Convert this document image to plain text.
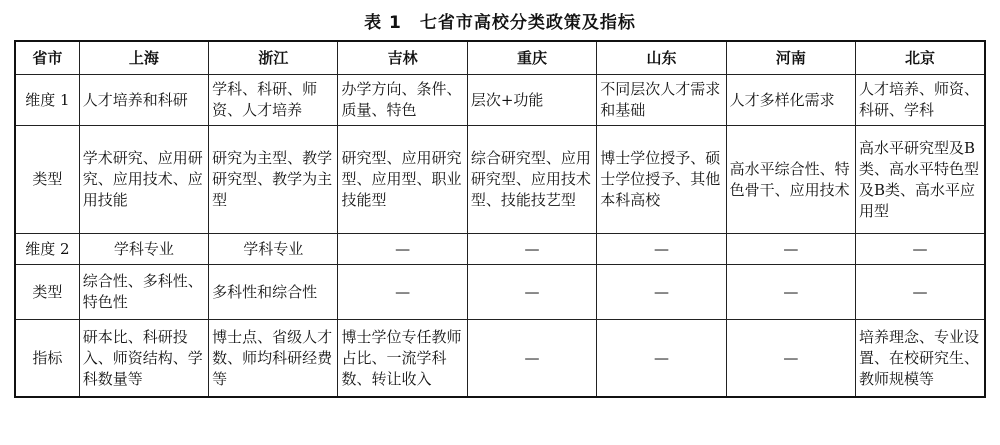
表 1 七省市高校分类政策及指标
省市	上海	浙江	吉林	重庆	山东	河南	北京
维度 1	人才培养和科研	学科、科研、师资、人才培养	办学方向、条件、质量、特色	层次+功能	不同层次人才需求和基础	人才多样化需求	人才培养、师资、科研、学科
类型	学术研究、应用研究、应用技术、应用技能	研究为主型、教学研究型、教学为主型	研究型、应用研究型、应用型、职业技能型	综合研究型、应用研究型、应用技术型、技能技艺型	博士学位授予、硕士学位授予、其他本科高校	高水平综合性、特色骨干、应用技术	高水平研究型及B类、高水平特色型及B类、高水平应用型
维度 2	学科专业	学科专业	—	—	—	—	—
类型	综合性、多科性、特色性	多科性和综合性	—	—	—	—	—
指标	研本比、科研投入、师资结构、学科数量等	博士点、省级人才数、师均科研经费等	博士学位专任教师占比、一流学科数、转让收入	—	—	—	培养理念、专业设置、在校研究生、教师规模等
